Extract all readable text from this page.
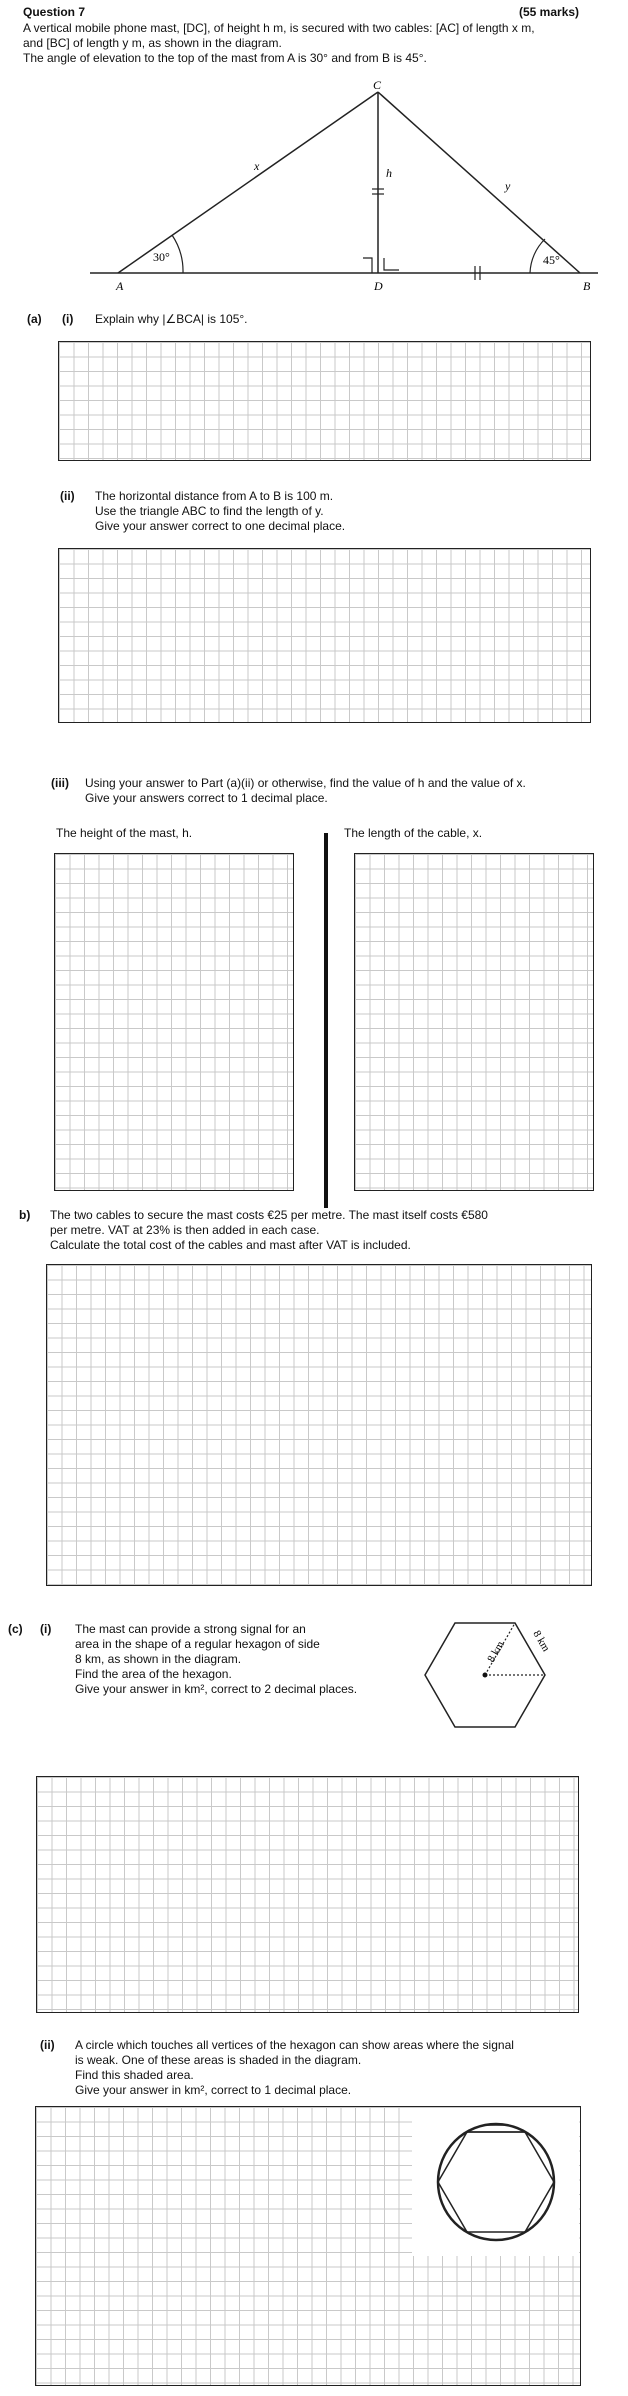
Question 7	(55 marks)
A vertical mobile phone mast, [DC], of height h m, is secured with two cables: [AC] of length x m,
and [BC] of length y m, as shown in the diagram.
The angle of elevation to the top of the mast from A is 30° and from B is 45°.
C
A	B
D
x
y
h
30°	45°
(a) (i) Explain why |∠BCA| is 105°.
(ii) The horizontal distance from A to B is 100 m.
Use the triangle ABC to find the length of y.
Give your answer correct to one decimal place.
(iii) Using your answer to Part (a)(ii) or otherwise, find the value of h and the value of x.
Give your answers correct to 1 decimal place.
The height of the mast, h.	The length of the cable, x.
b) The two cables to secure the mast costs €25 per metre. The mast itself costs €580
per metre. VAT at 23% is then added in each case.
Calculate the total cost of the cables and mast after VAT is included.
(c) (i) The mast can provide a strong signal for an
area in the shape of a regular hexagon of side
8 km, as shown in the diagram.
Find the area of the hexagon.
Give your answer in km², correct to 2 decimal places.
8 km 8 km
(ii) A circle which touches all vertices of the hexagon can show areas where the signal
is weak. One of these areas is shaded in the diagram.
Find this shaded area.
Give your answer in km², correct to 1 decimal place.
